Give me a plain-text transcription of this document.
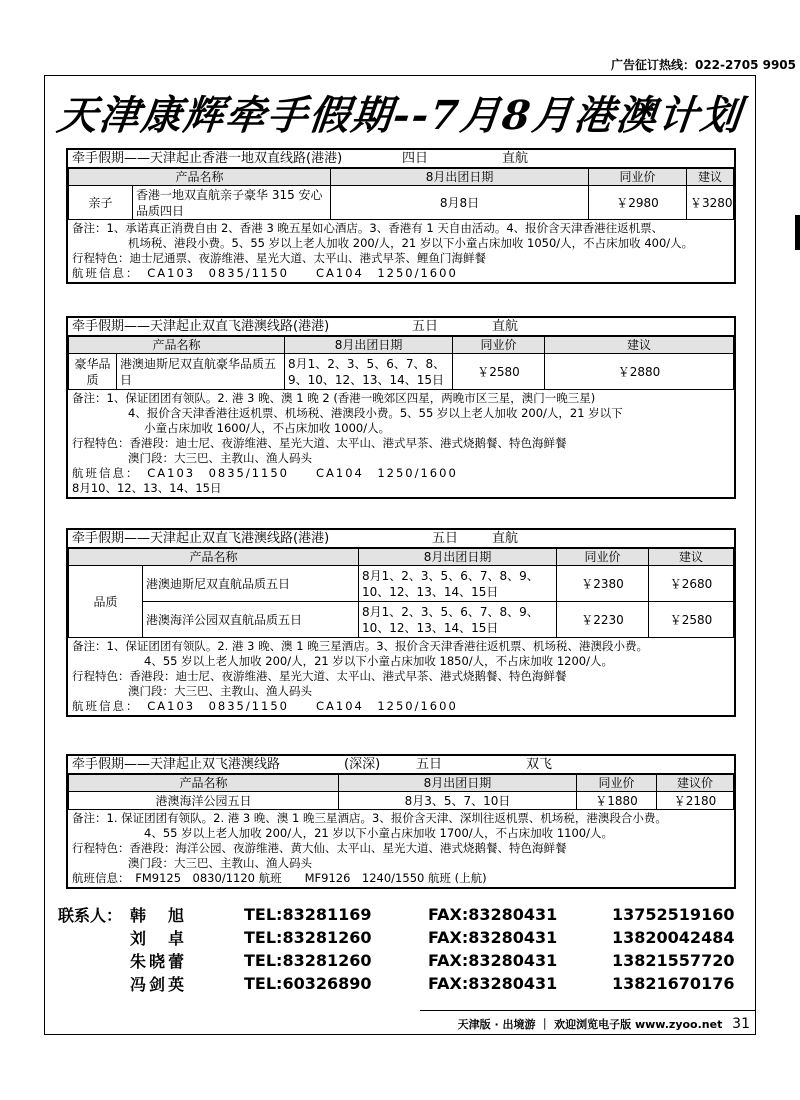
广告征订热线：022-2705 9905
天津康辉牵手假期--7月8月港澳计划
牵手假期——天津起止香港一地双直线路(港港)	四日	直航
产品名称		8月出团日期	同业价	建议
亲子	香港一地双直航亲子豪华 315 安心品质四日	8月8日	￥2980	￥3280
备注：1、承诺真正消费自由 2、香港 3 晚五星如心酒店。3、香港有 1 天自由活动。4、报价含天津香港往返机票、
机场税、港段小费。5、55 岁以上老人加收 200/人，21 岁以下小童占床加收 1050/人，不占床加收 400/人。
行程特色：迪士尼通票、夜游维港、星光大道、太平山、港式早茶、鲤鱼门海鲜餐
航班信息：　CA103　0835/1150　　CA104　1250/1600
牵手假期——天津起止双直飞港澳线路(港港)	五日	直航
产品名称		8月出团日期	同业价	建议
豪华品质	港澳迪斯尼双直航豪华品质五日	8月1、2、3、5、6、7、8、9、10、12、13、14、15日	￥2580	￥2880
备注：1、保证团团有领队。2. 港 3 晚、澳 1 晚 2 (香港一晚郊区四星，两晚市区三星，澳门一晚三星)
4、报价含天津香港往返机票、机场税、港澳段小费。5、55 岁以上老人加收 200/人，21 岁以下
小童占床加收 1600/人，不占床加收 1000/人。
行程特色：香港段：迪士尼、夜游维港、星光大道、太平山、港式早茶、港式烧鹅餐、特色海鲜餐
澳门段：大三巴、主教山、渔人码头
航班信息：　CA103　0835/1150　　CA104　1250/1600
8月10、12、13、14、15日
牵手假期——天津起止双直飞港澳线路(港港)	五日	直航
产品名称		8月出团日期	同业价	建议
品质	港澳迪斯尼双直航品质五日	8月1、2、3、5、6、7、8、9、10、12、13、14、15日	￥2380	￥2680
	港澳海洋公园双直航品质五日	8月1、2、3、5、6、7、8、9、10、12、13、14、15日	￥2230	￥2580
备注：1、保证团团有领队。2. 港 3 晚、澳 1 晚三星酒店。3、报价含天津香港往返机票、机场税、港澳段小费。
4、55 岁以上老人加收 200/人，21 岁以下小童占床加收 1850/人，不占床加收 1200/人。
行程特色：香港段：迪士尼、夜游维港、星光大道、太平山、港式早茶、港式烧鹅餐、特色海鲜餐
澳门段：大三巴、主教山、渔人码头
航班信息：　CA103　0835/1150　　CA104　1250/1600
牵手假期——天津起止双飞港澳线路	(深深)	五日	双飞
产品名称	8月出团日期	同业价	建议价
港澳海洋公园五日	8月3、5、7、10日	￥1880	￥2180
备注：1. 保证团团有领队。2. 港 3 晚、澳 1 晚三星酒店。3、报价含天津、深圳往返机票、机场税，港澳段合小费。
4、55 岁以上老人加收 200/人，21 岁以下小童占床加收 1700/人，不占床加收 1100/人。
行程特色：香港段：海洋公园、夜游维港、黄大仙、太平山、星光大道、港式烧鹅餐、特色海鲜餐
澳门段：大三巴、主教山、渔人码头
航班信息：　FM9125　0830/1120 航班　　MF9126　1240/1550 航班 (上航)
联系人： 韩　旭	TEL:83281169	FAX:83280431	13752519160
刘　卓	TEL:83281260	FAX:83280431	13820042484
朱晓蕾	TEL:83281260	FAX:83280431	13821557720
冯剑英	TEL:60326890	FAX:83280431	13821670176
天津版 · 出境游 ｜ 欢迎浏览电子版 www.zyoo.net 31
